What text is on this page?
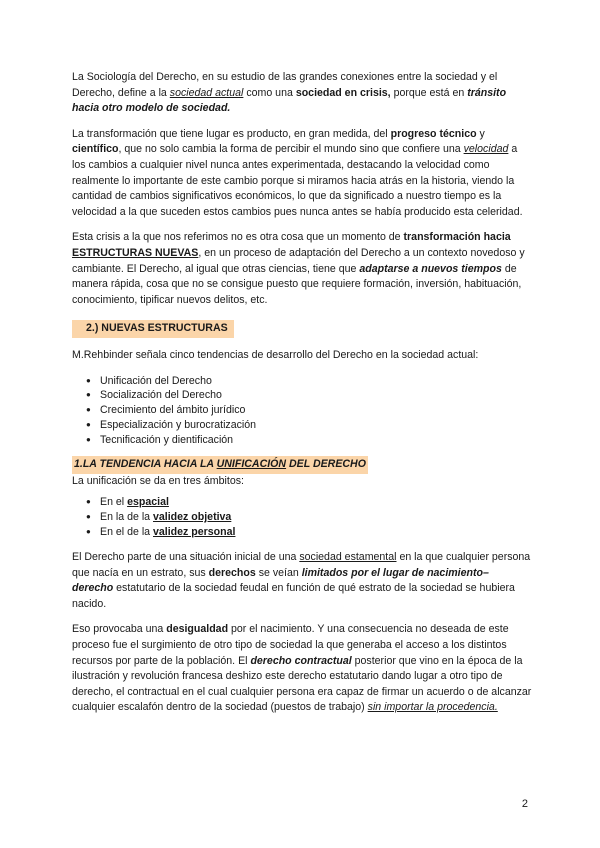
La Sociología del Derecho, en su estudio de las grandes conexiones entre la sociedad y el Derecho, define a la sociedad actual como una sociedad en crisis, porque está en tránsito hacia otro modelo de sociedad.

La transformación que tiene lugar es producto, en gran medida, del progreso técnico y científico, que no solo cambia la forma de percibir el mundo sino que confiere una velocidad a los cambios a cualquier nivel nunca antes experimentada, destacando la velocidad como realmente lo importante de este cambio porque si miramos hacia atrás en la historia, viendo la cantidad de cambios significativos económicos, lo que da significado a nuestro tiempo es la velocidad a la que suceden estos cambios pues nunca antes se había producido esta celeridad.

Esta crisis a la que nos referimos no es otra cosa que un momento de transformación hacia ESTRUCTURAS NUEVAS, en un proceso de adaptación del Derecho a un contexto novedoso y cambiante. El Derecho, al igual que otras ciencias, tiene que adaptarse a nuevos tiempos de manera rápida, cosa que no se consigue puesto que requiere formación, inversión, habituación, conocimiento, tipificar nuevos delitos, etc.

2.) NUEVAS ESTRUCTURAS

M.Rehbinder señala cinco tendencias de desarrollo del Derecho en la sociedad actual:

● Unificación del Derecho
● Socialización del Derecho
● Crecimiento del ámbito jurídico
● Especialización y burocratización
● Tecnificación y dientificación
1.LA TENDENCIA HACIA LA UNIFICACIÓN DEL DERECHO

La unificación se da en tres ámbitos:

● En el espacial
● En la de la validez objetiva
● En el de la validez personal

El Derecho parte de una situación inicial de una sociedad estamental en la que cualquier persona que nacía en un estrato, sus derechos se veían limitados por el lugar de nacimiento– derecho estatutario de la sociedad feudal en función de qué estrato de la sociedad se hubiera nacido.

Eso provocaba una desigualdad por el nacimiento. Y una consecuencia no deseada de este proceso fue el surgimiento de otro tipo de sociedad la que generaba el acceso a los distintos recursos por parte de la población. El derecho contractual posterior que vino en la época de la ilustración y revolución francesa deshizo este derecho estatutario dando lugar a otro tipo de derecho, el contractual en el cual cualquier persona era capaz de firmar un acuerdo o de alcanzar cualquier escalafón dentro de la sociedad (puestos de trabajo) sin importar la procedencia.

2
